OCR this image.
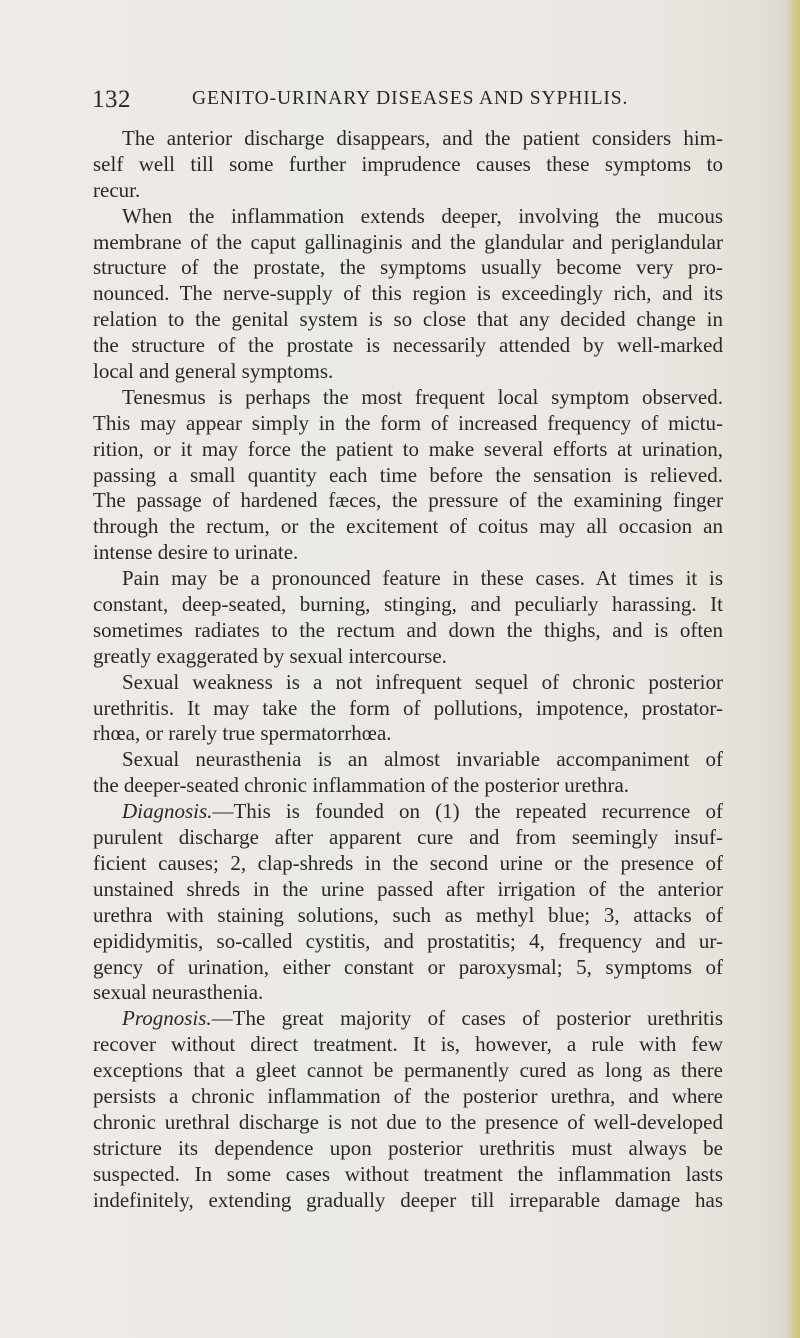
132	GENITO-URINARY DISEASES AND SYPHILIS.
The anterior discharge disappears, and the patient considers him-
self well till some further imprudence causes these symptoms to
recur.
When the inflammation extends deeper, involving the mucous
membrane of the caput gallinaginis and the glandular and periglandular
structure of the prostate, the symptoms usually become very pro-
nounced. The nerve-supply of this region is exceedingly rich, and its
relation to the genital system is so close that any decided change in
the structure of the prostate is necessarily attended by well-marked
local and general symptoms.
Tenesmus is perhaps the most frequent local symptom observed.
This may appear simply in the form of increased frequency of mictu-
rition, or it may force the patient to make several efforts at urination,
passing a small quantity each time before the sensation is relieved.
The passage of hardened fæces, the pressure of the examining finger
through the rectum, or the excitement of coitus may all occasion an
intense desire to urinate.
Pain may be a pronounced feature in these cases. At times it is
constant, deep-seated, burning, stinging, and peculiarly harassing. It
sometimes radiates to the rectum and down the thighs, and is often
greatly exaggerated by sexual intercourse.
Sexual weakness is a not infrequent sequel of chronic posterior
urethritis. It may take the form of pollutions, impotence, prostator-
rhœa, or rarely true spermatorrhœa.
Sexual neurasthenia is an almost invariable accompaniment of
the deeper-seated chronic inflammation of the posterior urethra.
Diagnosis.—This is founded on (1) the repeated recurrence of
purulent discharge after apparent cure and from seemingly insuf-
ficient causes; 2, clap-shreds in the second urine or the presence of
unstained shreds in the urine passed after irrigation of the anterior
urethra with staining solutions, such as methyl blue; 3, attacks of
epididymitis, so-called cystitis, and prostatitis; 4, frequency and ur-
gency of urination, either constant or paroxysmal; 5, symptoms of
sexual neurasthenia.
Prognosis.—The great majority of cases of posterior urethritis
recover without direct treatment. It is, however, a rule with few
exceptions that a gleet cannot be permanently cured as long as there
persists a chronic inflammation of the posterior urethra, and where
chronic urethral discharge is not due to the presence of well-developed
stricture its dependence upon posterior urethritis must always be
suspected. In some cases without treatment the inflammation lasts
indefinitely, extending gradually deeper till irreparable damage has
